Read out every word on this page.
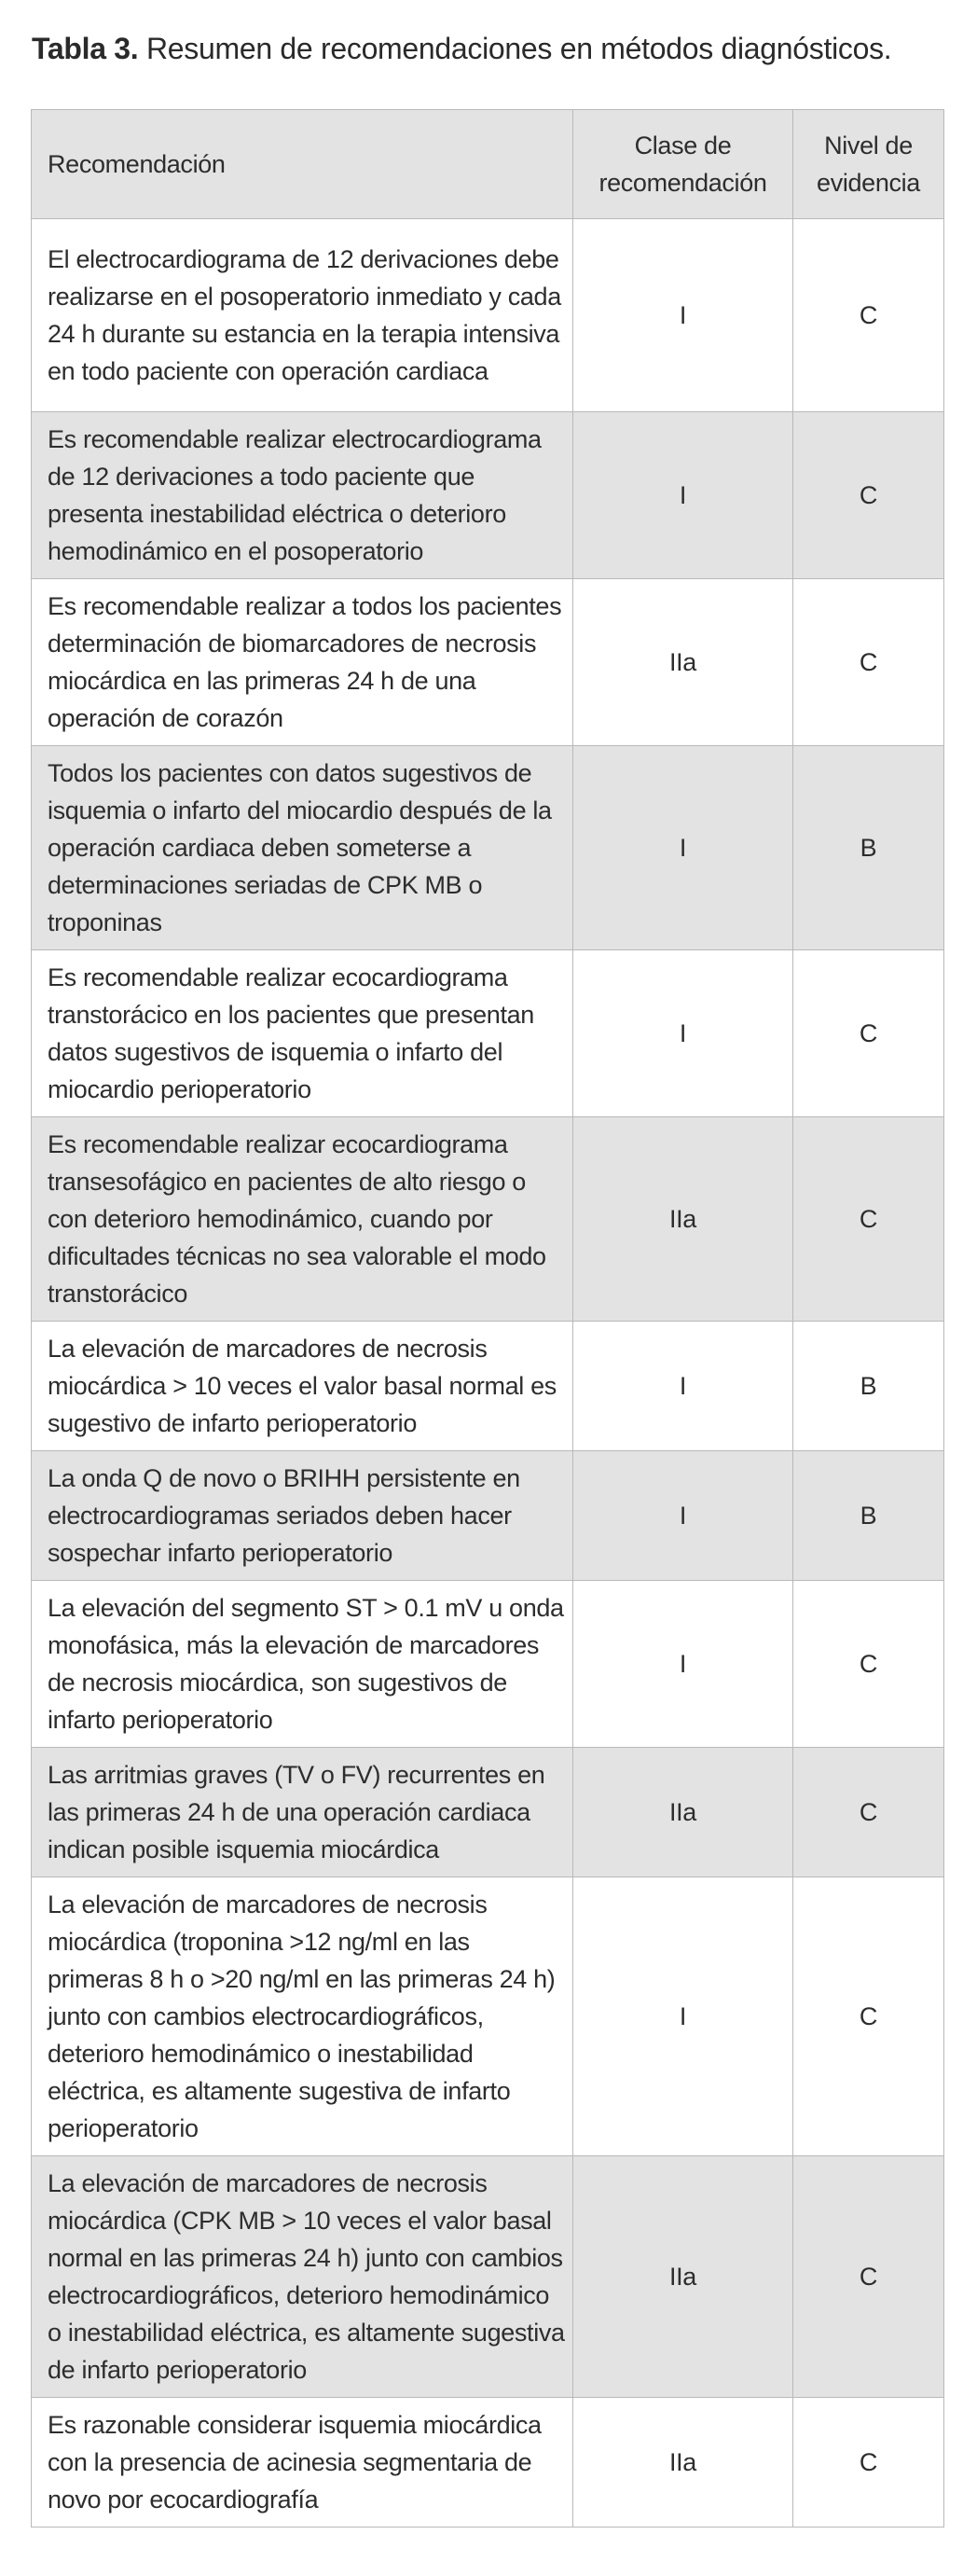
Tabla 3. Resumen de recomendaciones en métodos diagnósticos.
Recomendación	Clase de recomendación	Nivel de evidencia
El electrocardiograma de 12 derivaciones debe realizarse en el posoperatorio inmediato y cada 24 h durante su estancia en la terapia intensiva en todo paciente con operación cardiaca	I	C
Es recomendable realizar electrocardiograma de 12 derivaciones a todo paciente que presenta inestabilidad eléctrica o deterioro hemodinámico en el posoperatorio	I	C
Es recomendable realizar a todos los pacientes determinación de biomarcadores de necrosis miocárdica en las primeras 24 h de una operación de corazón	IIa	C
Todos los pacientes con datos sugestivos de isquemia o infarto del miocardio después de la operación cardiaca deben someterse a determinaciones seriadas de CPK MB o troponinas	I	B
Es recomendable realizar ecocardiograma transtorácico en los pacientes que presentan datos sugestivos de isquemia o infarto del miocardio perioperatorio	I	C
Es recomendable realizar ecocardiograma transesofágico en pacientes de alto riesgo o con deterioro hemodinámico, cuando por dificultades técnicas no sea valorable el modo transtorácico	IIa	C
La elevación de marcadores de necrosis miocárdica > 10 veces el valor basal normal es sugestivo de infarto perioperatorio	I	B
La onda Q de novo o BRIHH persistente en electrocardiogramas seriados deben hacer sospechar infarto perioperatorio	I	B
La elevación del segmento ST > 0.1 mV u onda monofásica, más la elevación de marcadores de necrosis miocárdica, son sugestivos de infarto perioperatorio	I	C
Las arritmias graves (TV o FV) recurrentes en las primeras 24 h de una operación cardiaca indican posible isquemia miocárdica	IIa	C
La elevación de marcadores de necrosis miocárdica (troponina >12 ng/ml en las primeras 8 h o >20 ng/ml en las primeras 24 h) junto con cambios electrocardiográficos, deterioro hemodinámico o inestabilidad eléctrica, es altamente sugestiva de infarto perioperatorio	I	C
La elevación de marcadores de necrosis miocárdica (CPK MB > 10 veces el valor basal normal en las primeras 24 h) junto con cambios electrocardiográficos, deterioro hemodinámico o inestabilidad eléctrica, es altamente sugestiva de infarto perioperatorio	IIa	C
Es razonable considerar isquemia miocárdica con la presencia de acinesia segmentaria de novo por ecocardiografía	IIa	C
